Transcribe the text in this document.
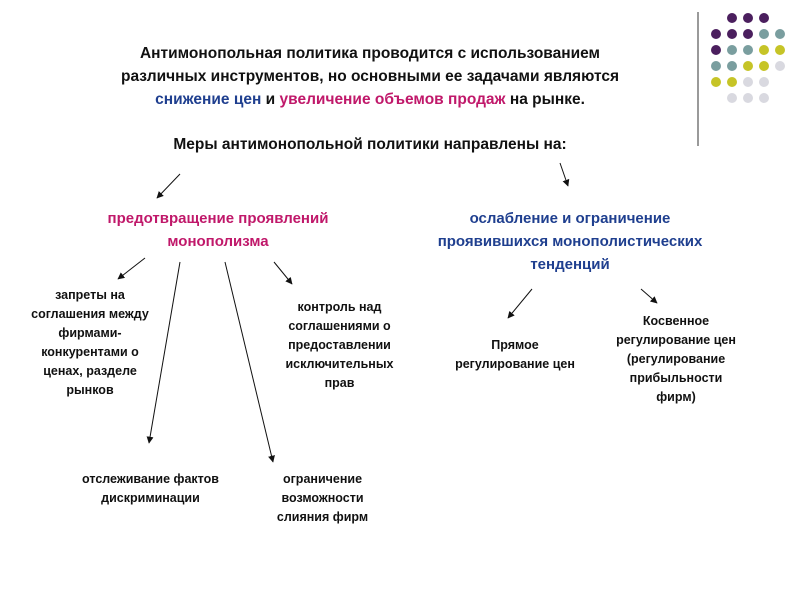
Антимонопольная политика проводится с использованием
различных инструментов, но основными ее задачами являются
снижение цен и увеличение объемов продаж на рынке.
Меры антимонопольной политики направлены на:
предотвращение проявлений монополизма
ослабление и ограничение проявившихся монополистических тенденций
запреты на соглашения между фирмами-конкурентами о ценах, разделе рынков
отслеживание фактов дискриминации
ограничение возможности слияния фирм
контроль над соглашениями о предоставлении исключительных прав
Прямое регулирование цен
Косвенное регулирование цен (регулирование прибыльности фирм)
